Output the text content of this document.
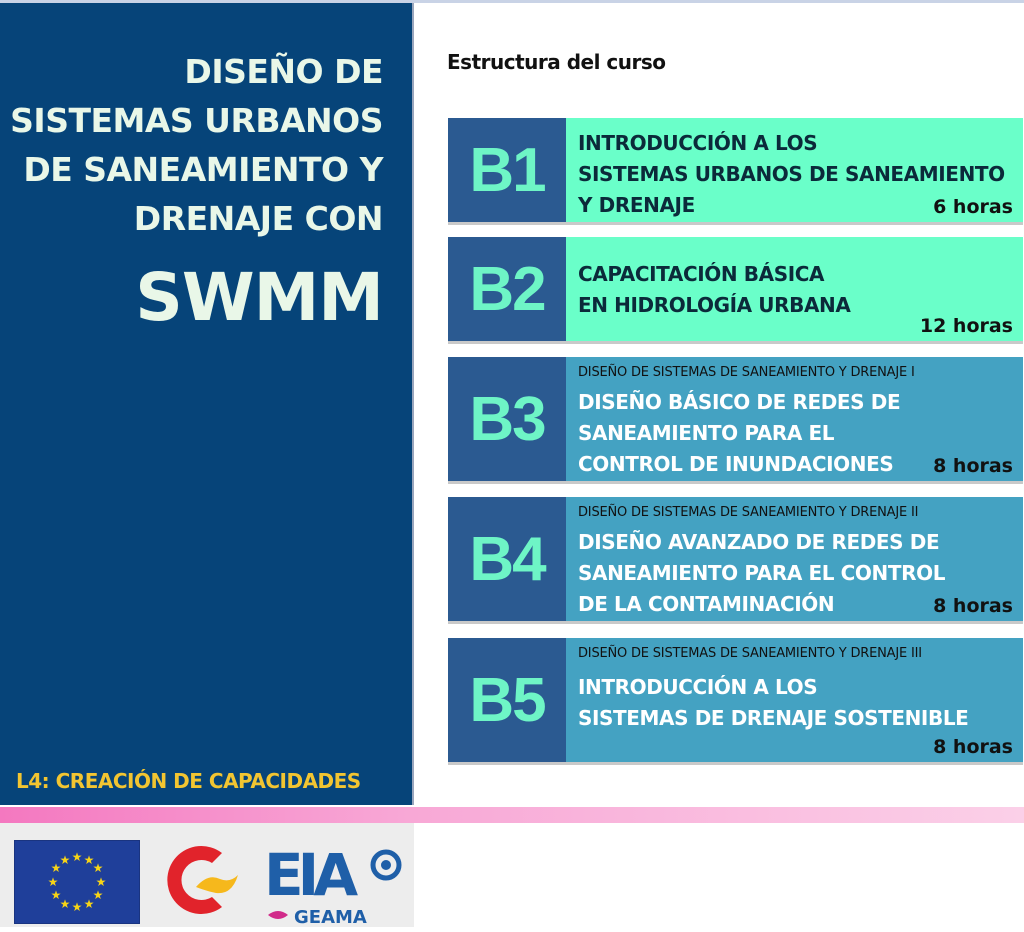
DISEÑO DE
SISTEMAS URBANOS
DE SANEAMIENTO Y
DRENAJE CON
SWMM
L4: CREACIÓN DE CAPACIDADES
Estructura del curso
B1	INTRODUCCIÓN A LOS
SISTEMAS URBANOS DE SANEAMIENTO
Y DRENAJE	6 horas
B2	CAPACITACIÓN BÁSICA
EN HIDROLOGÍA URBANA
12 horas
B3
DISEÑO DE SISTEMAS DE SANEAMIENTO Y DRENAJE I
DISEÑO BÁSICO DE REDES DE
SANEAMIENTO PARA EL
CONTROL DE INUNDACIONES	8 horas
B4
DISEÑO DE SISTEMAS DE SANEAMIENTO Y DRENAJE II
DISEÑO AVANZADO DE REDES DE
SANEAMIENTO PARA EL CONTROL
DE LA CONTAMINACIÓN	8 horas
B5
DISEÑO DE SISTEMAS DE SANEAMIENTO Y DRENAJE III
INTRODUCCIÓN A LOS
SISTEMAS DE DRENAJE SOSTENIBLE
8 horas
★ ★
★
★
★
★
★
★
★
★
★
★	EIA
GEAMA
